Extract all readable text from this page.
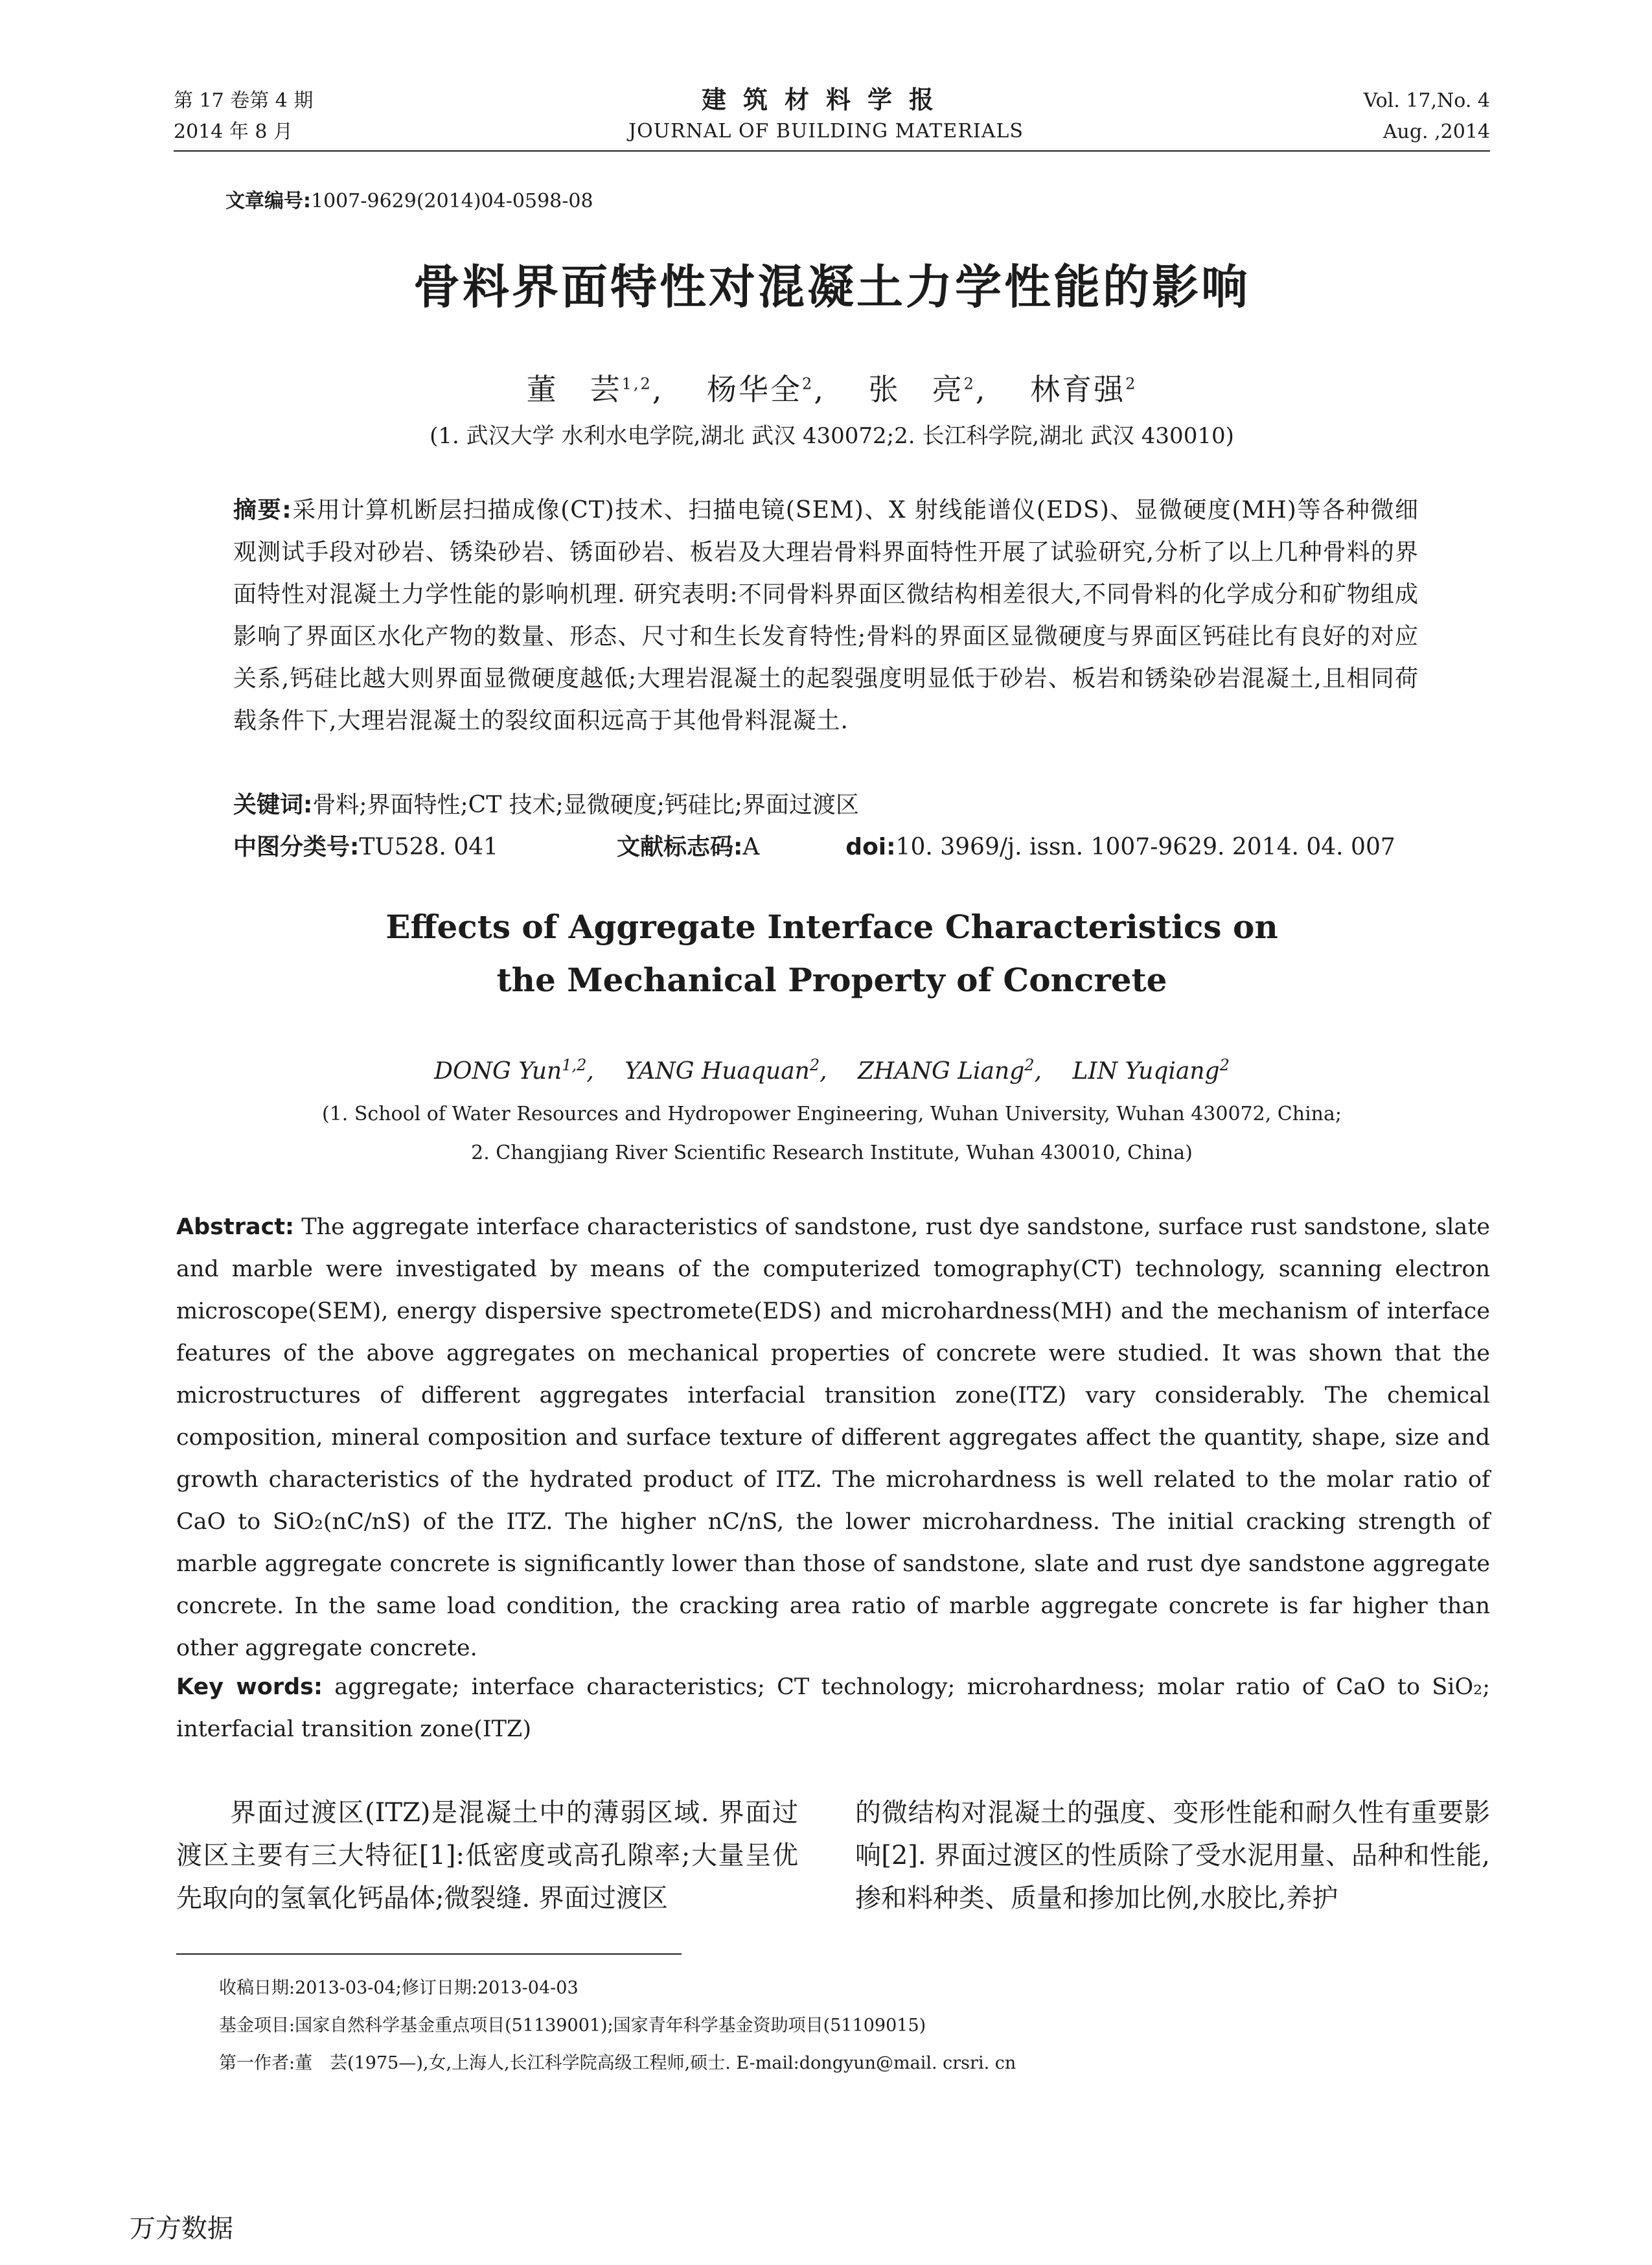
第 17 卷第 4 期
2014 年 8 月
建筑材料学报
JOURNAL OF BUILDING MATERIALS
Vol. 17,No. 4
Aug. ,2014
文章编号:1007-9629(2014)04-0598-08
骨料界面特性对混凝土力学性能的影响
董　芸$^{1,2}$,　 杨华全$^2$,　 张　亮$^2$,　 林育强$^2$
(1. 武汉大学 水利水电学院,湖北 武汉 430072;2. 长江科学院,湖北 武汉 430010)
摘要:采用计算机断层扫描成像(CT)技术、扫描电镜(SEM)、X 射线能谱仪(EDS)、显微硬度(MH)等各种微细观测试手段对砂岩、锈染砂岩、锈面砂岩、板岩及大理岩骨料界面特性开展了试验研究,分析了以上几种骨料的界面特性对混凝土力学性能的影响机理. 研究表明:不同骨料界面区微结构相差很大,不同骨料的化学成分和矿物组成影响了界面区水化产物的数量、形态、尺寸和生长发育特性;骨料的界面区显微硬度与界面区钙硅比有良好的对应关系,钙硅比越大则界面显微硬度越低;大理岩混凝土的起裂强度明显低于砂岩、板岩和锈染砂岩混凝土,且相同荷载条件下,大理岩混凝土的裂纹面积远高于其他骨料混凝土.
关键词:骨料;界面特性;CT 技术;显微硬度;钙硅比;界面过渡区
中图分类号:TU528. 041	文献标志码:A	doi:10. 3969/j. issn. 1007-9629. 2014. 04. 007
Effects of Aggregate Interface Characteristics on
the Mechanical Property of Concrete
DONG Yun$^{1,2}$,　 YANG Huaquan$^2$,　 ZHANG Liang$^2$,　 LIN Yuqiang$^2$
(1. School of Water Resources and Hydropower Engineering, Wuhan University, Wuhan 430072, China;
2. Changjiang River Scientific Research Institute, Wuhan 430010, China)
Abstract: The aggregate interface characteristics of sandstone, rust dye sandstone, surface rust sandstone, slate and marble were investigated by means of the computerized tomography(CT) technology, scanning electron microscope(SEM), energy dispersive spectromete(EDS) and microhardness(MH) and the mechanism of interface features of the above aggregates on mechanical properties of concrete were studied. It was shown that the microstructures of different aggregates interfacial transition zone(ITZ) vary considerably. The chemical composition, mineral composition and surface texture of different aggregates affect the quantity, shape, size and growth characteristics of the hydrated product of ITZ. The microhardness is well related to the molar ratio of CaO to SiO₂(nC/nS) of the ITZ. The higher nC/nS, the lower microhardness. The initial cracking strength of marble aggregate concrete is significantly lower than those of sandstone, slate and rust dye sandstone aggregate concrete. In the same load condition, the cracking area ratio of marble aggregate concrete is far higher than other aggregate concrete.
Key words: aggregate; interface characteristics; CT technology; microhardness; molar ratio of CaO to SiO₂; interfacial transition zone(ITZ)
　　界面过渡区(ITZ)是混凝土中的薄弱区域. 界面过渡区主要有三大特征[1]:低密度或高孔隙率;大量呈优先取向的氢氧化钙晶体;微裂缝. 界面过渡区
的微结构对混凝土的强度、变形性能和耐久性有重要影响[2]. 界面过渡区的性质除了受水泥用量、品种和性能,掺和料种类、质量和掺加比例,水胶比,养护
收稿日期:2013-03-04;修订日期:2013-04-03
基金项目:国家自然科学基金重点项目(51139001);国家青年科学基金资助项目(51109015)
第一作者:董　芸(1975—),女,上海人,长江科学院高级工程师,硕士. E-mail:dongyun@mail. crsri. cn
万方数据
